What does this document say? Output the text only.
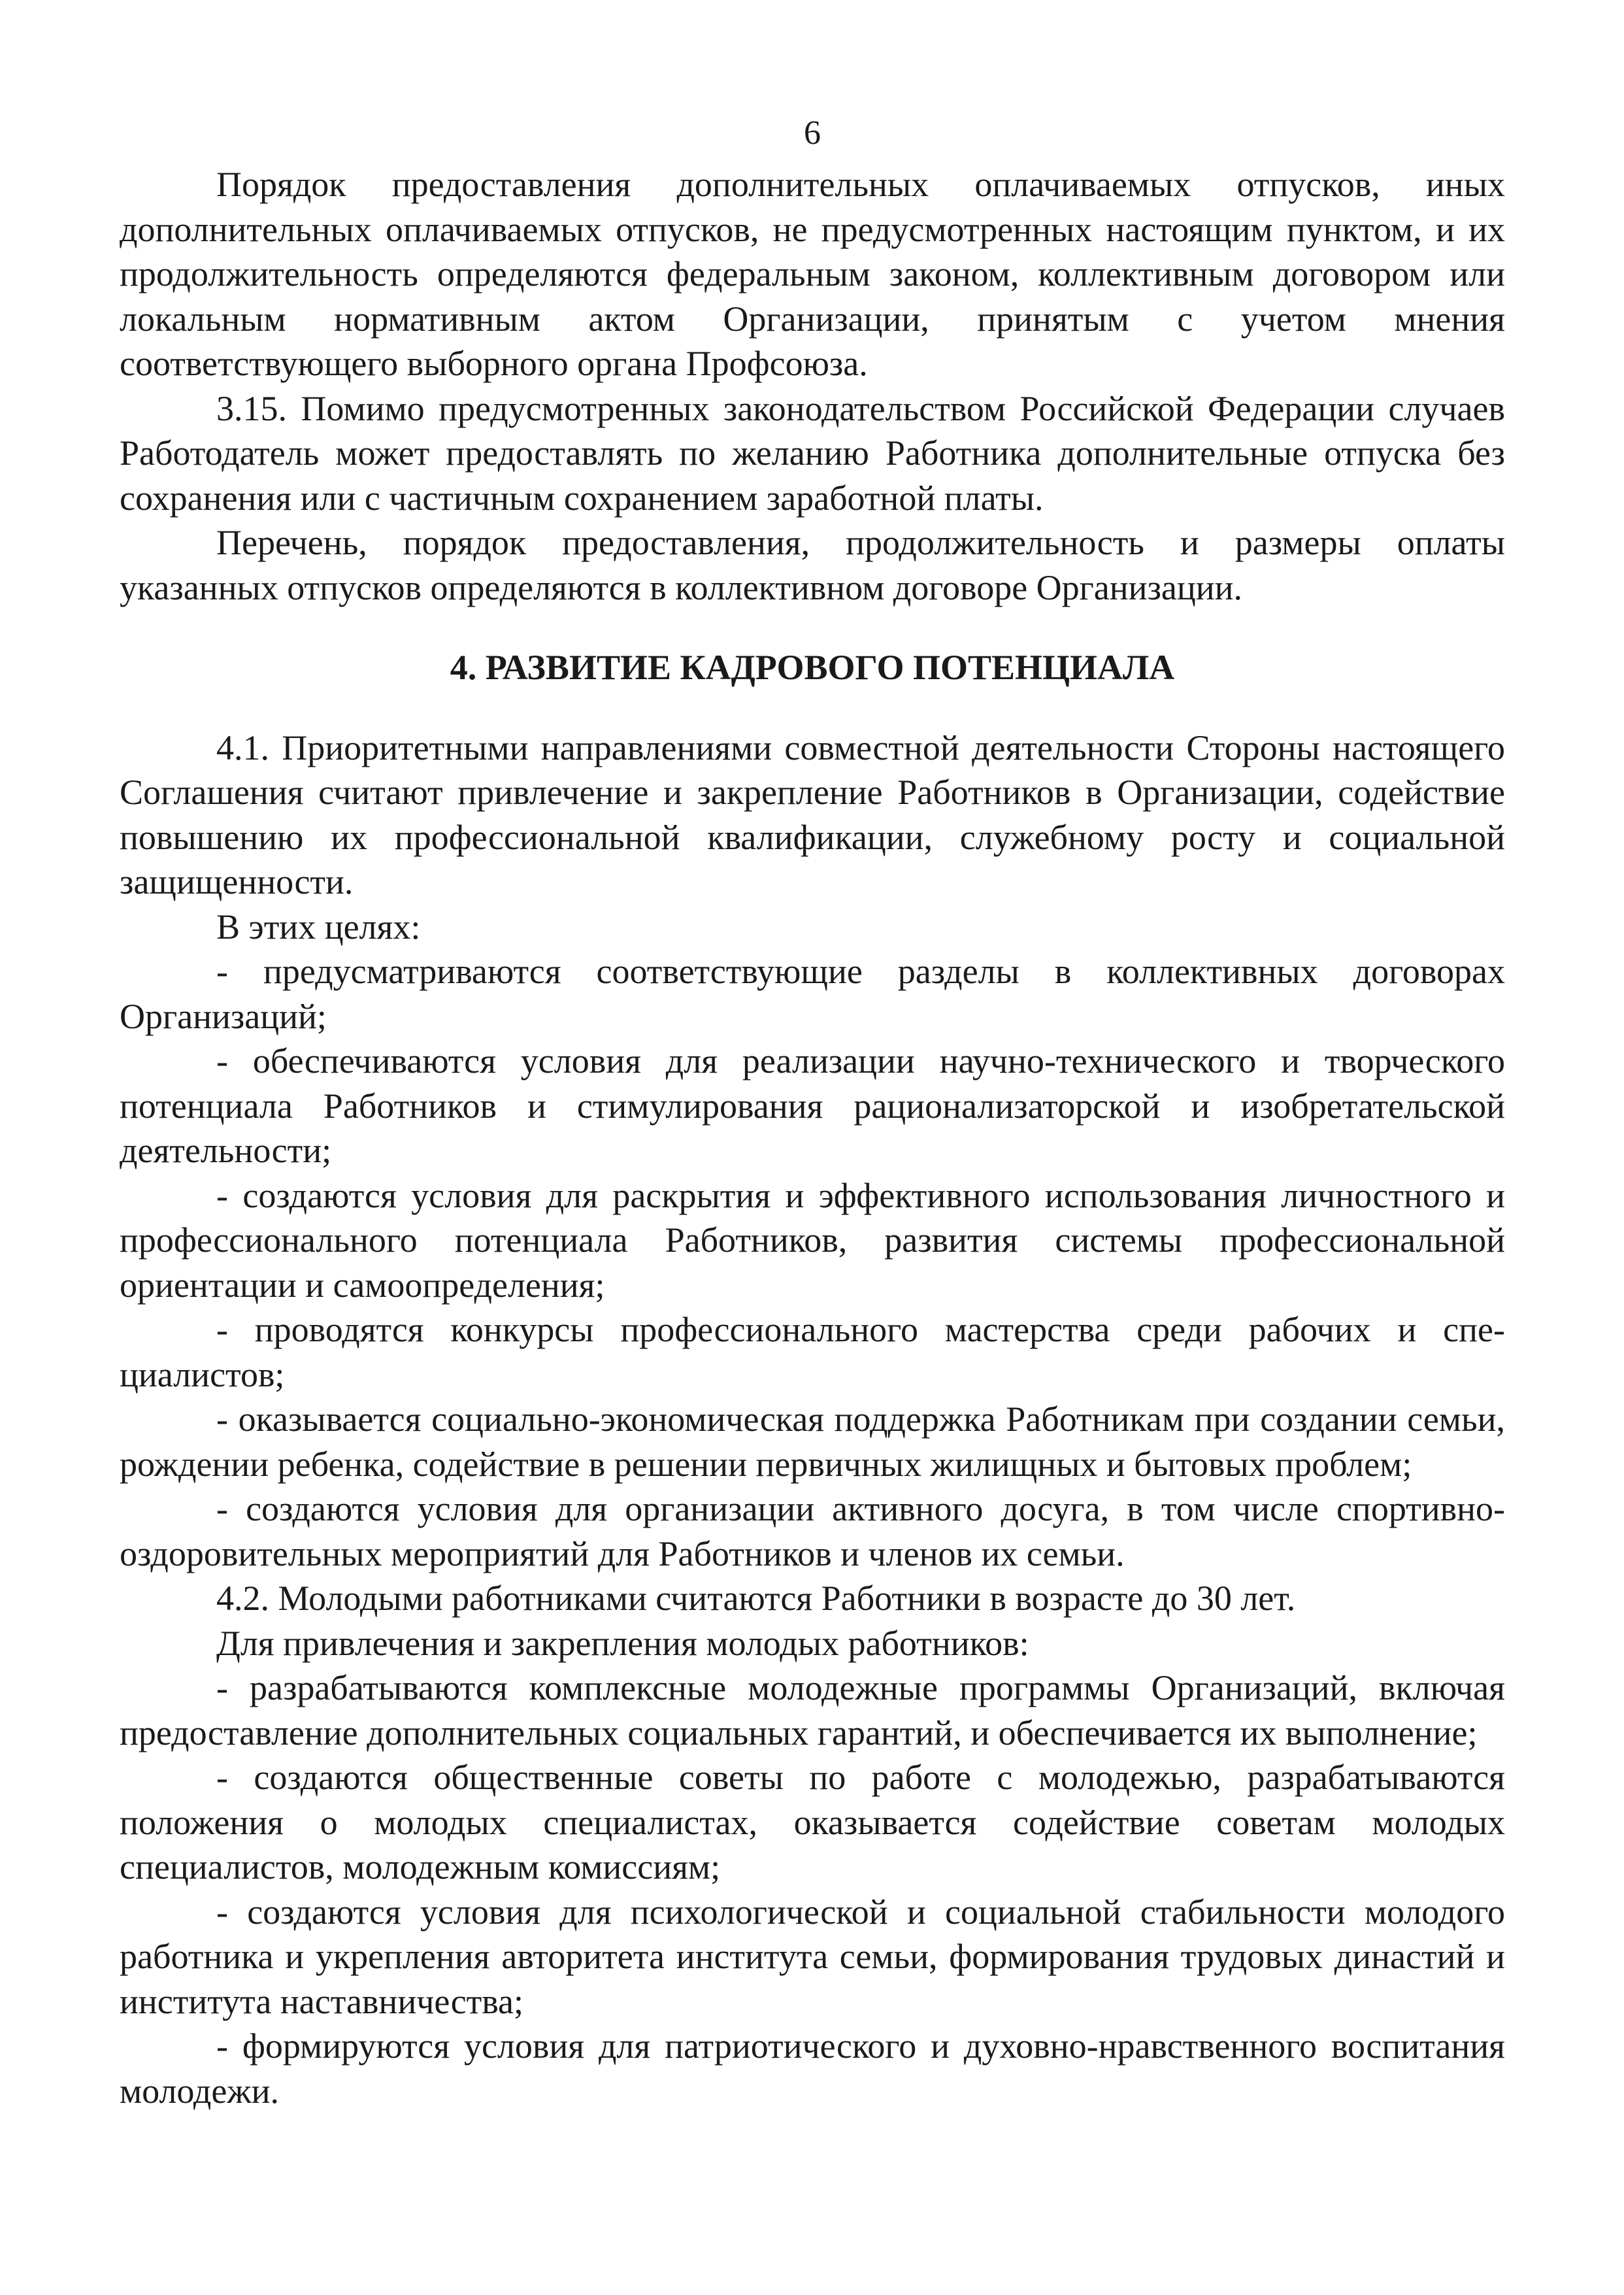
6

Порядок предоставления дополнительных оплачиваемых отпусков, иных дополнительных оплачиваемых отпусков, не предусмотренных настоящим пунктом, и их продолжительность определяются федеральным законом, коллективным договором или локальным нормативным актом Организации, принятым с учетом мнения соответствующего выборного органа Профсоюза.

3.15. Помимо предусмотренных законодательством Российской Федерации случаев Работодатель может предоставлять по желанию Работника дополнительные отпуска без сохранения или с частичным сохранением заработной платы.

Перечень, порядок предоставления, продолжительность и размеры оплаты указанных отпусков определяются в коллективном договоре Организации.

4. РАЗВИТИЕ КАДРОВОГО ПОТЕНЦИАЛА

4.1. Приоритетными направлениями совместной деятельности Стороны настоящего Соглашения считают привлечение и закрепление Работников в Организации, содействие повышению их профессиональной квалификации, служебному росту и социальной защищенности.

В этих целях:

- предусматриваются соответствующие разделы в коллективных договорах Организаций;

- обеспечиваются условия для реализации научно-технического и творческого потенциала Работников и стимулирования рационализаторской и изобретательской деятельности;

- создаются условия для раскрытия и эффективного использования личностного и профессионального потенциала Работников, развития системы профессиональной ориентации и самоопределения;

- проводятся конкурсы профессионального мастерства среди рабочих и специалистов;

- оказывается социально-экономическая поддержка Работникам при создании семьи, рождении ребенка, содействие в решении первичных жилищных и бытовых проблем;

- создаются условия для организации активного досуга, в том числе спортивно-оздоровительных мероприятий для Работников и членов их семьи.

4.2. Молодыми работниками считаются Работники в возрасте до 30 лет.

Для привлечения и закрепления молодых работников:

- разрабатываются комплексные молодежные программы Организаций, включая предоставление дополнительных социальных гарантий, и обеспечивается их выполнение;

- создаются общественные советы по работе с молодежью, разрабатываются положения о молодых специалистах, оказывается содействие советам молодых специалистов, молодежным комиссиям;

- создаются условия для психологической и социальной стабильности молодого работника и укрепления авторитета института семьи, формирования трудовых династий и института наставничества;

- формируются условия для патриотического и духовно-нравственного воспитания молодежи.
